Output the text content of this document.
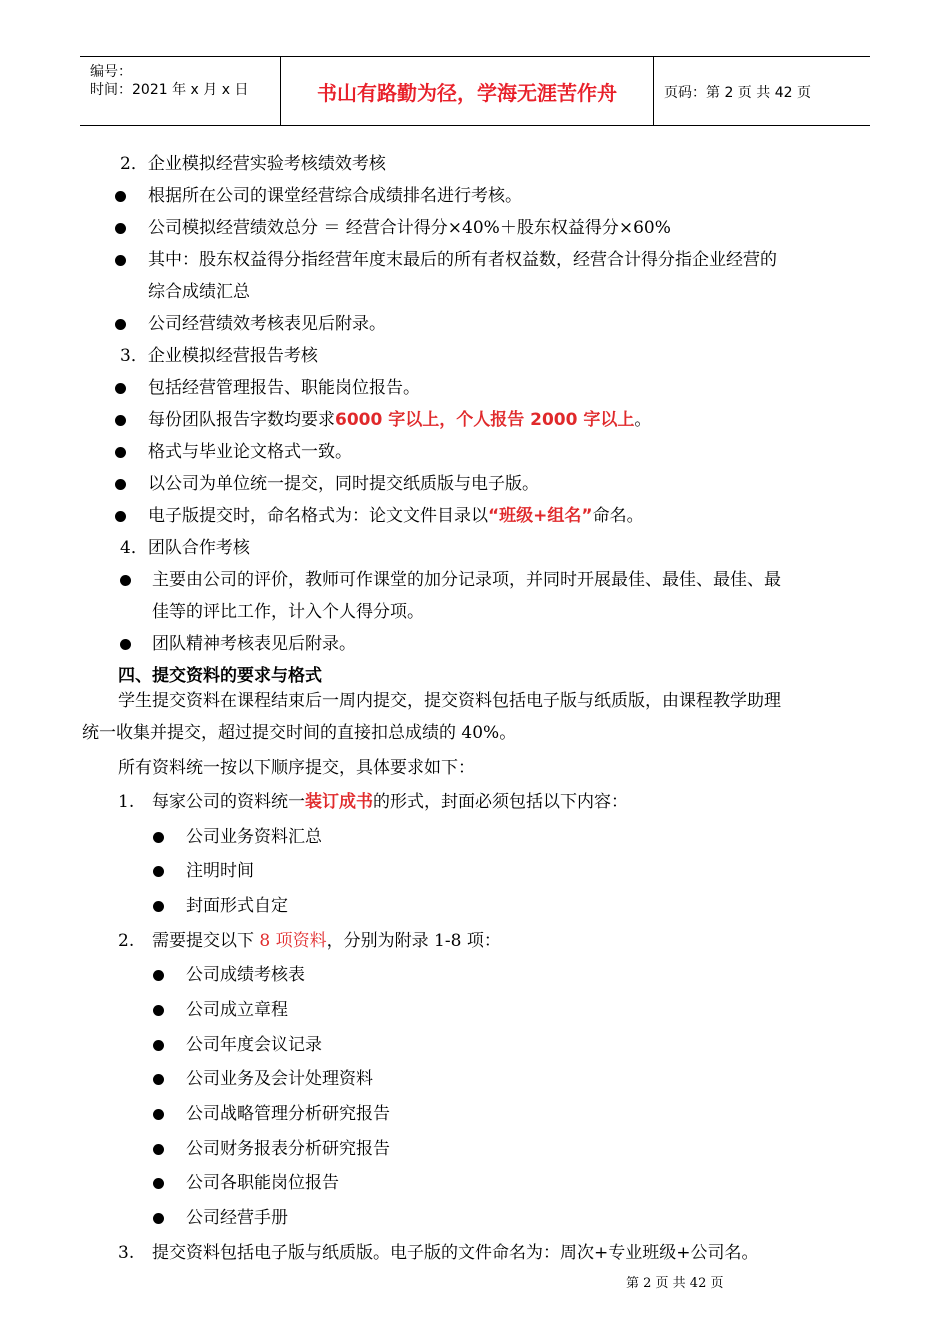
编号：
时间：2021 年 x 月 x 日	书山有路勤为径，学海无涯苦作舟	页码：第 2 页 共 42 页
2．企业模拟经营实验考核绩效考核
根据所在公司的课堂经营综合成绩排名进行考核。
公司模拟经营绩效总分 ＝ 经营合计得分×40%＋股东权益得分×60%
其中：股东权益得分指经营年度末最后的所有者权益数，经营合计得分指企业经营的
综合成绩汇总
公司经营绩效考核表见后附录。
3．企业模拟经营报告考核
包括经营管理报告、职能岗位报告。
每份团队报告字数均要求6000 字以上，个人报告 2000 字以上。
格式与毕业论文格式一致。
以公司为单位统一提交，同时提交纸质版与电子版。
电子版提交时，命名格式为：论文文件目录以“班级+组名”命名。
4．团队合作考核
主要由公司的评价，教师可作课堂的加分记录项，并同时开展最佳、最佳、最佳、最
佳等的评比工作，计入个人得分项。
团队精神考核表见后附录。
四、提交资料的要求与格式
学生提交资料在课程结束后一周内提交，提交资料包括电子版与纸质版，由课程教学助理
统一收集并提交，超过提交时间的直接扣总成绩的 40%。
所有资料统一按以下顺序提交，具体要求如下：
1. 每家公司的资料统一装订成书的形式，封面必须包括以下内容：
公司业务资料汇总
注明时间
封面形式自定
2. 需要提交以下 8 项资料，分别为附录 1-8 项：
公司成绩考核表
公司成立章程
公司年度会议记录
公司业务及会计处理资料
公司战略管理分析研究报告
公司财务报表分析研究报告
公司各职能岗位报告
公司经营手册
3. 提交资料包括电子版与纸质版。电子版的文件命名为：周次+专业班级+公司名。
第 2 页 共 42 页
